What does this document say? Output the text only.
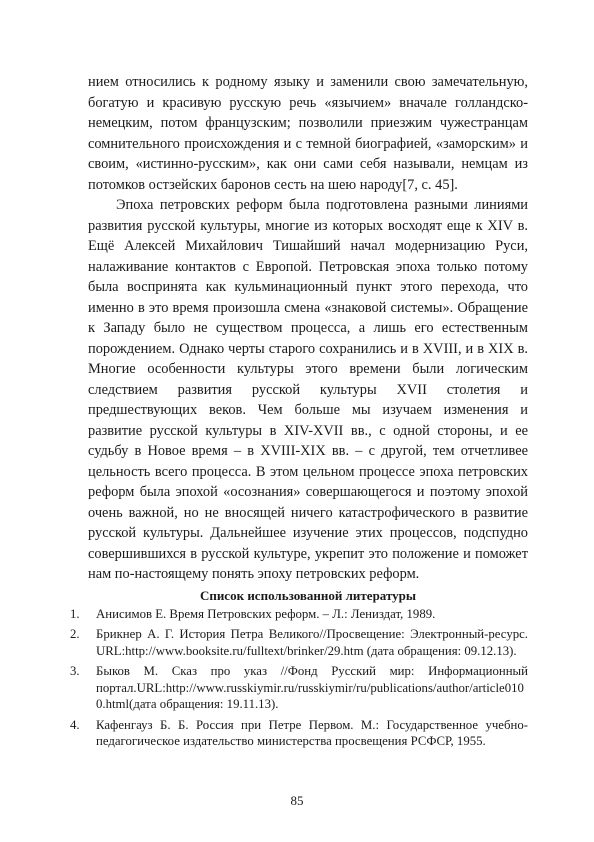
нием относились к родному языку и заменили свою замечательную, богатую и красивую русскую речь «язычием» вначале голландско-немецким, потом французским; позволили приезжим чужестранцам сомнительного происхождения и с темной биографией, «заморским» и своим, «истинно-русским», как они сами себя называли, немцам из потомков остзейских баронов сесть на шею народу[7, с. 45].

Эпоха петровских реформ была подготовлена разными линиями развития русской культуры, многие из которых восходят еще к XIV в. Ещё Алексей Михайлович Тишайший начал модернизацию Руси, налаживание контактов с Европой. Петровская эпоха только потому была воспринята как кульминационный пункт этого перехода, что именно в это время произошла смена «знаковой системы». Обращение к Западу было не существом процесса, а лишь его естественным порождением. Однако черты старого сохранились и в XVIII, и в XIX в. Многие особенности культуры этого времени были логическим следствием развития русской культуры XVII столетия и предшествующих веков. Чем больше мы изучаем изменения и развитие русской культуры в XIV-XVII вв., с одной стороны, и ее судьбу в Новое время – в XVIII-XIX вв. – с другой, тем отчетливее цельность всего процесса. В этом цельном процессе эпоха петровских реформ была эпохой «осознания» совершающегося и поэтому эпохой очень важной, но не вносящей ничего катастрофического в развитие русской культуры. Дальнейшее изучение этих процессов, подспудно совершившихся в русской культуре, укрепит это положение и поможет нам по-настоящему понять эпоху петровских реформ.

Список использованной литературы

1.	Анисимов Е. Время Петровских реформ. – Л.: Лениздат, 1989.
2.	Брикнер А. Г. История Петра Великого//Просвещение: Электронный-ресурс. URL:http://www.booksite.ru/fulltext/brinker/29.htm (дата обращения: 09.12.13).
3.	Быков М. Сказ про указ //Фонд Русский мир: Информационный портал.URL:http://www.russkiymir.ru/russkiymir/ru/publications/author/article0100.html(дата обращения: 19.11.13).
4.	Кафенгауз Б. Б. Россия при Петре Первом. М.: Государственное учебно-педагогическое издательство министерства просвещения РСФСР, 1955.
85
